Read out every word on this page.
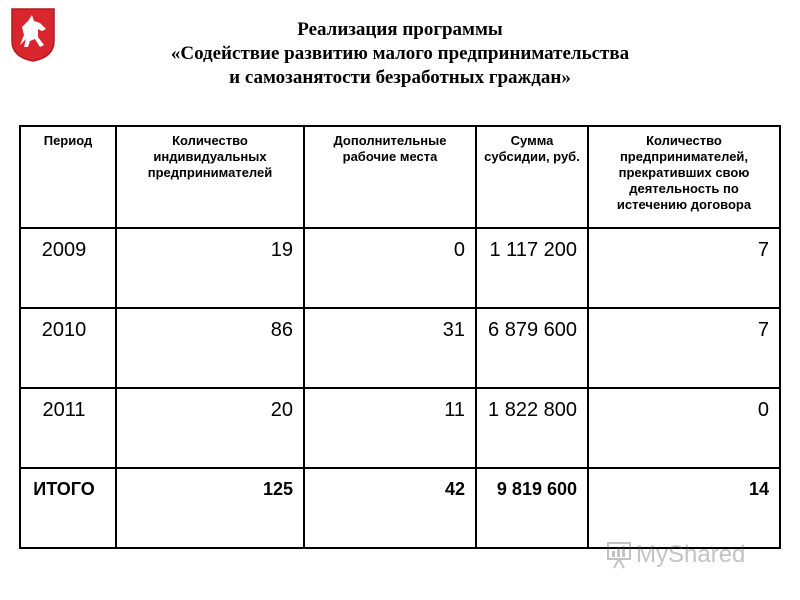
Реализация программы
«Содействие развитию малого предпринимательства
и самозанятости безработных граждан»
Период	Количество индивидуальных предпринимателей	Дополнительные рабочие места	Сумма субсидии, руб.	Количество предпринимателей, прекративших свою деятельность по истечению договора
2009	19	0	1 117 200	7
2010	86	31	6 879 600	7
2011	20	11	1 822 800	0
ИТОГО	125	42	9 819 600	14
MyShared
